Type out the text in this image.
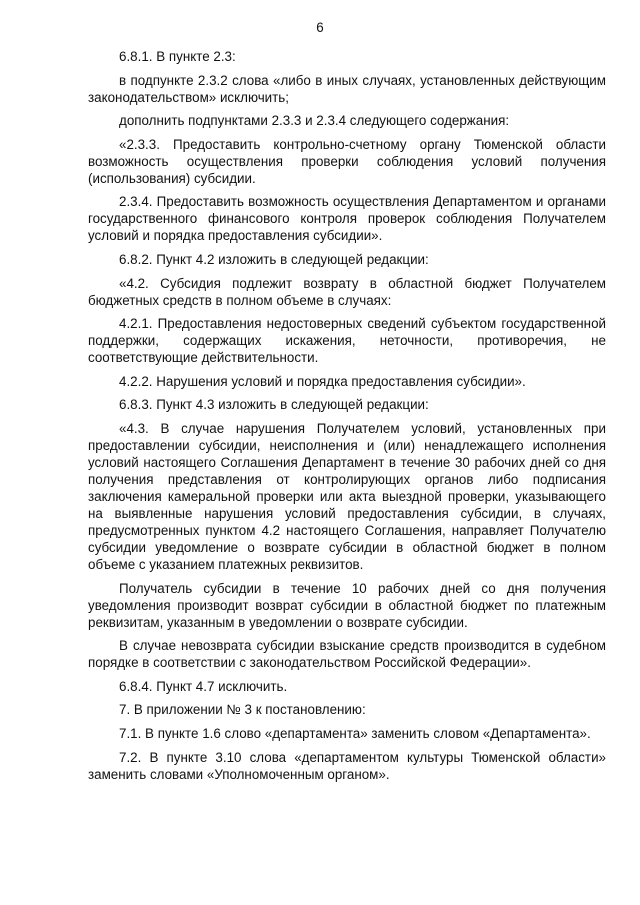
6

6.8.1. В пункте 2.3:

в подпункте 2.3.2 слова «либо в иных случаях, установленных действующим законодательством» исключить;

дополнить подпунктами 2.3.3 и 2.3.4 следующего содержания:

«2.3.3. Предоставить контрольно-счетному органу Тюменской области возможность осуществления проверки соблюдения условий получения (использования) субсидии.

2.3.4. Предоставить возможность осуществления Департаментом и органами государственного финансового контроля проверок соблюдения Получателем условий и порядка предоставления субсидии».

6.8.2. Пункт 4.2 изложить в следующей редакции:

«4.2. Субсидия подлежит возврату в областной бюджет Получателем бюджетных средств в полном объеме в случаях:

4.2.1. Предоставления недостоверных сведений субъектом государственной поддержки, содержащих искажения, неточности, противоречия, не соответствующие действительности.

4.2.2. Нарушения условий и порядка предоставления субсидии».

6.8.3. Пункт 4.3 изложить в следующей редакции:

«4.3. В случае нарушения Получателем условий, установленных при предоставлении субсидии, неисполнения и (или) ненадлежащего исполнения условий настоящего Соглашения Департамент в течение 30 рабочих дней со дня получения представления от контролирующих органов либо подписания заключения камеральной проверки или акта выездной проверки, указывающего на выявленные нарушения условий предоставления субсидии, в случаях, предусмотренных пунктом 4.2 настоящего Соглашения, направляет Получателю субсидии уведомление о возврате субсидии в областной бюджет в полном объеме с указанием платежных реквизитов.

Получатель субсидии в течение 10 рабочих дней со дня получения уведомления производит возврат субсидии в областной бюджет по платежным реквизитам, указанным в уведомлении о возврате субсидии.

В случае невозврата субсидии взыскание средств производится в судебном порядке в соответствии с законодательством Российской Федерации».

6.8.4. Пункт 4.7 исключить.

7. В приложении № 3 к постановлению:

7.1. В пункте 1.6 слово «департамента» заменить словом «Департамента».

7.2. В пункте 3.10 слова «департаментом культуры Тюменской области» заменить словами «Уполномоченным органом».
